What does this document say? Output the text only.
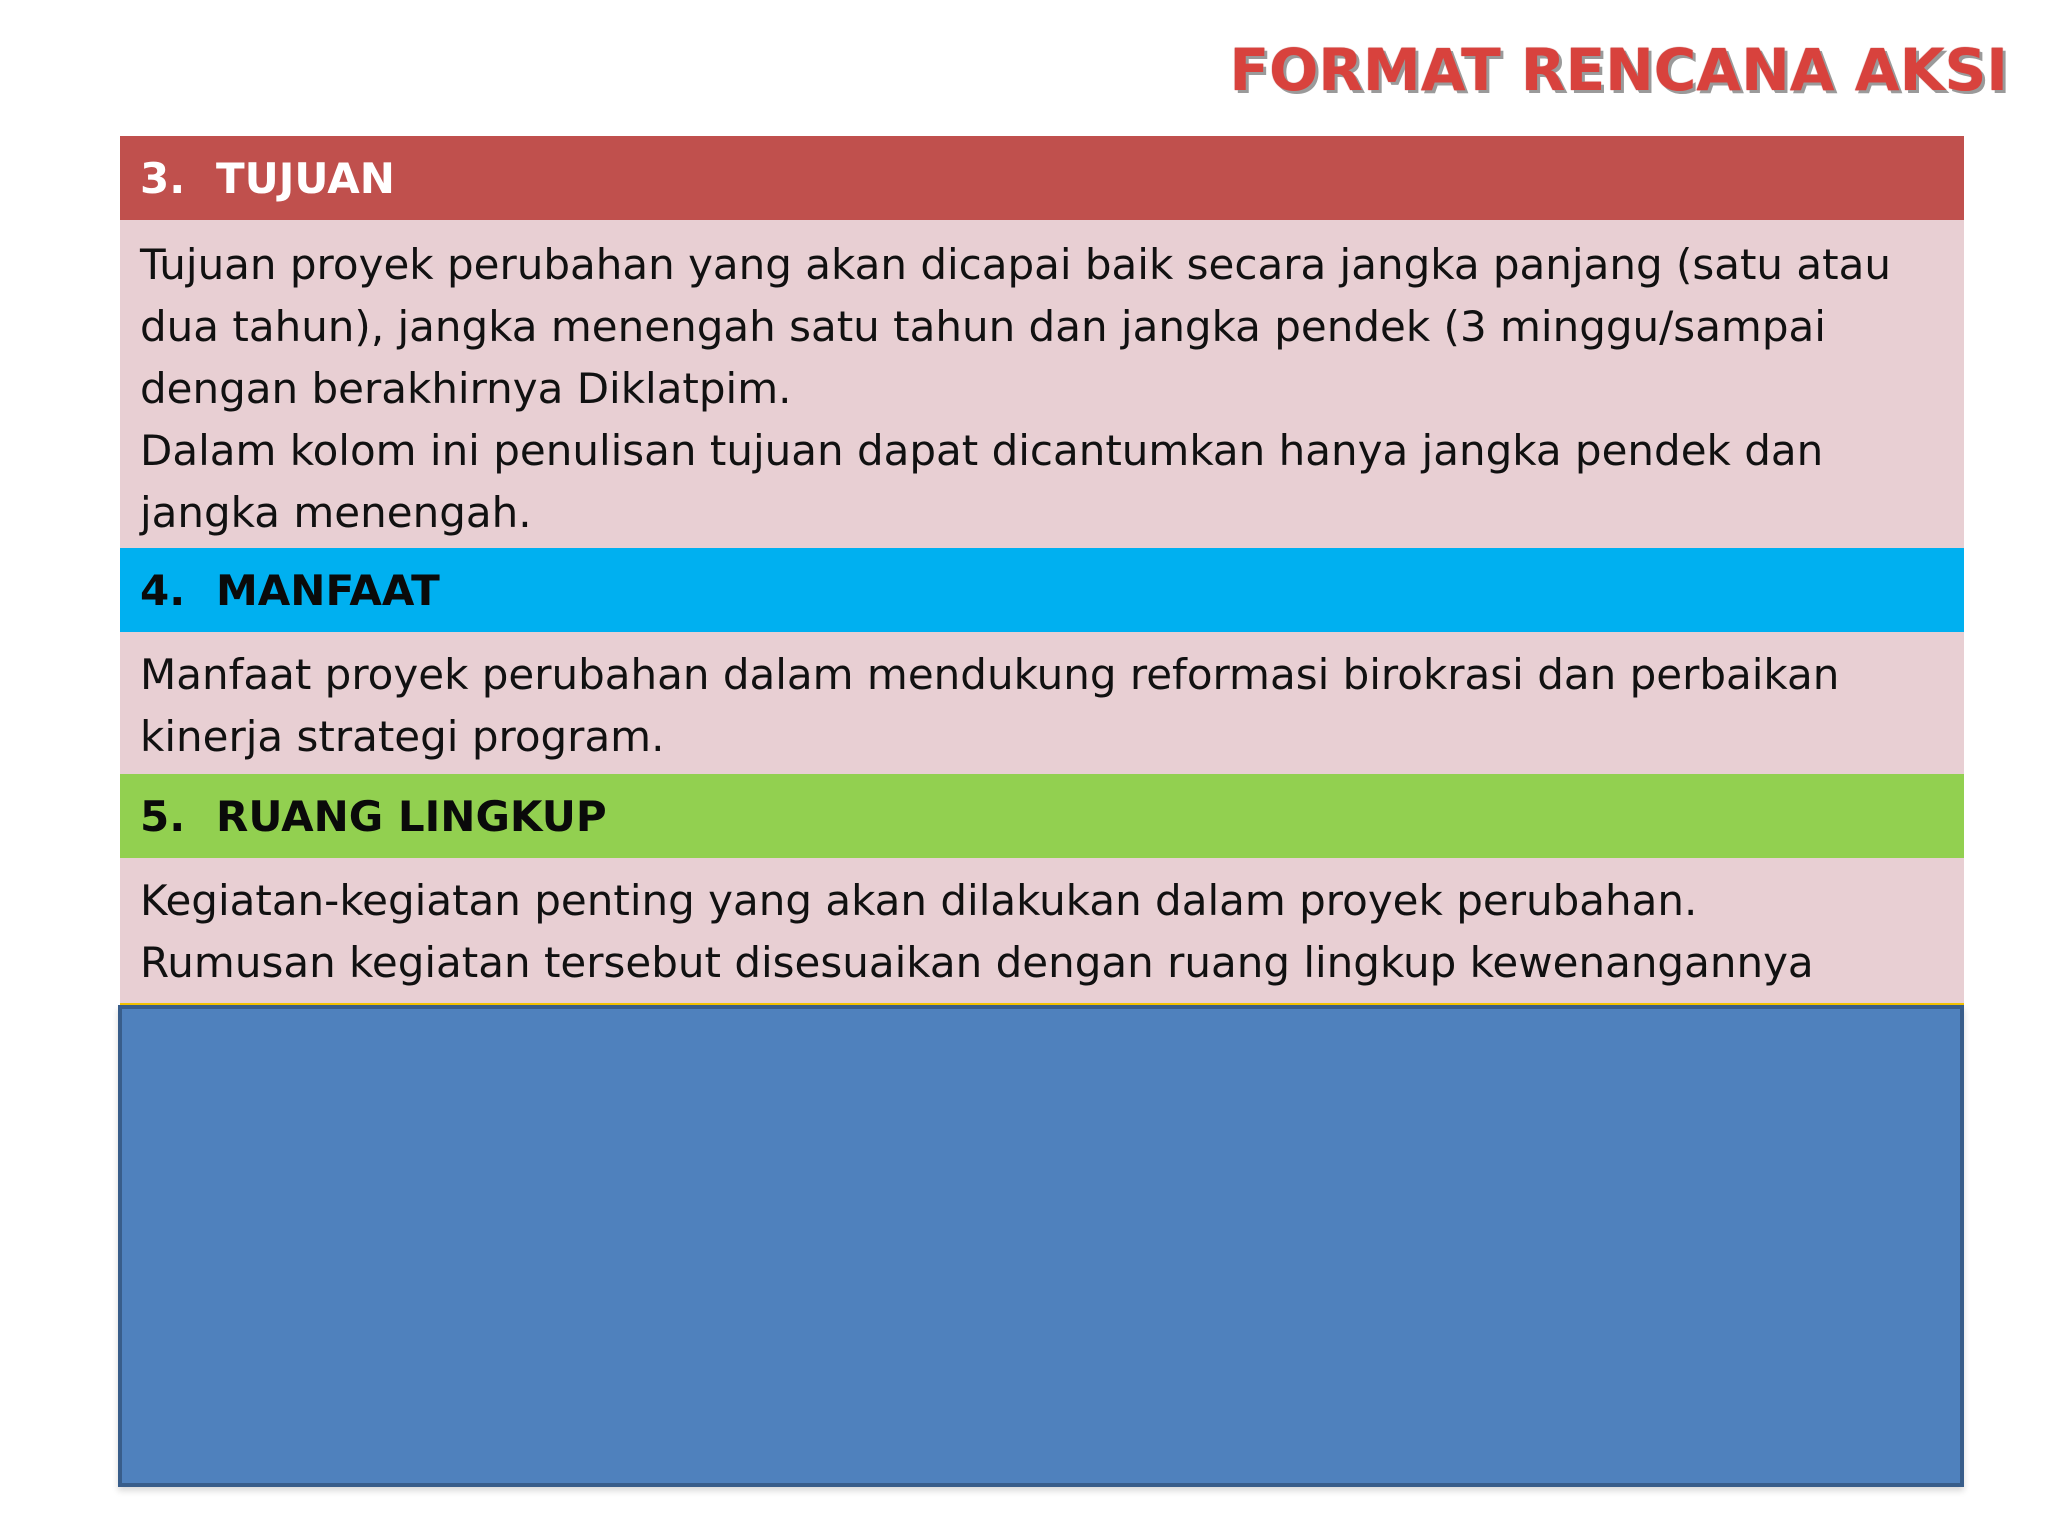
FORMAT RENCANA AKSI
3. TUJUAN

Tujuan proyek perubahan yang akan dicapai baik secara jangka panjang (satu atau dua tahun), jangka menengah satu tahun dan jangka pendek (3 minggu/sampai dengan berakhirnya Diklatpim.

Dalam kolom ini penulisan tujuan dapat dicantumkan hanya jangka pendek dan jangka menengah.

4. MANFAAT

Manfaat proyek perubahan dalam mendukung reformasi birokrasi dan perbaikan kinerja strategi program.

5. RUANG LINGKUP

Kegiatan-kegiatan penting yang akan dilakukan dalam proyek perubahan.

Rumusan kegiatan tersebut disesuaikan dengan ruang lingkup kewenangannya
